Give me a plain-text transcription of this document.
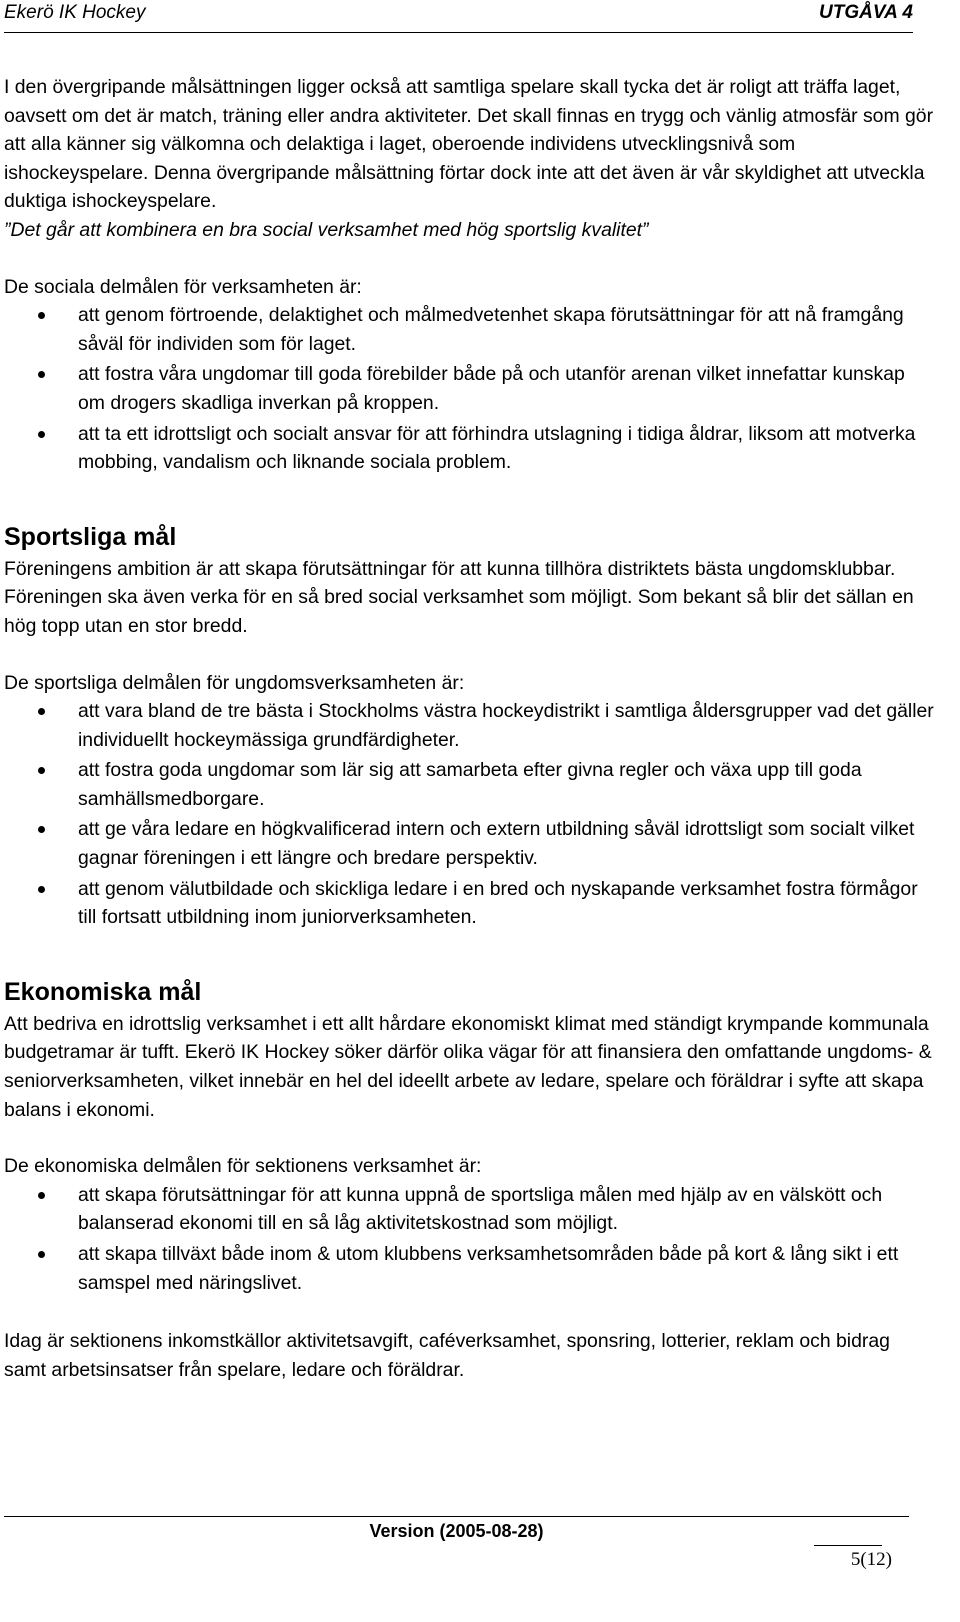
Ekerö IK Hockey	UTGÅVA 4

I den övergripande målsättningen ligger också att samtliga spelare skall tycka det är roligt att träffa laget, oavsett om det är match, träning eller andra aktiviteter. Det skall finnas en trygg och vänlig atmosfär som gör att alla känner sig välkomna och delaktiga i laget, oberoende individens utvecklingsnivå som ishockeyspelare. Denna övergripande målsättning förtar dock inte att det även är vår skyldighet att utveckla duktiga ishockeyspelare.

”Det går att kombinera en bra social verksamhet med hög sportslig kvalitet”

De sociala delmålen för verksamheten är:

att genom förtroende, delaktighet och målmedvetenhet skapa förutsättningar för att nå framgång såväl för individen som för laget.
att fostra våra ungdomar till goda förebilder både på och utanför arenan vilket innefattar kunskap om drogers skadliga inverkan på kroppen.
att ta ett idrottsligt och socialt ansvar för att förhindra utslagning i tidiga åldrar, liksom att motverka mobbing, vandalism och liknande sociala problem.
Sportsliga mål

Föreningens ambition är att skapa förutsättningar för att kunna tillhöra distriktets bästa ungdomsklubbar. Föreningen ska även verka för en så bred social verksamhet som möjligt. Som bekant så blir det sällan en hög topp utan en stor bredd.

De sportsliga delmålen för ungdomsverksamheten är:

att vara bland de tre bästa i Stockholms västra hockeydistrikt i samtliga åldersgrupper vad det gäller individuellt hockeymässiga grundfärdigheter.
att fostra goda ungdomar som lär sig att samarbeta efter givna regler och växa upp till goda samhällsmedborgare.
att ge våra ledare en högkvalificerad intern och extern utbildning såväl idrottsligt som socialt vilket gagnar föreningen i ett längre och bredare perspektiv.
att genom välutbildade och skickliga ledare i en bred och nyskapande verksamhet fostra förmågor till fortsatt utbildning inom juniorverksamheten.
Ekonomiska mål

Att bedriva en idrottslig verksamhet i ett allt hårdare ekonomiskt klimat med ständigt krympande kommunala budgetramar är tufft. Ekerö IK Hockey söker därför olika vägar för att finansiera den omfattande ungdoms- & seniorverksamheten, vilket innebär en hel del ideellt arbete av ledare, spelare och föräldrar i syfte att skapa balans i ekonomi.

De ekonomiska delmålen för sektionens verksamhet är:

att skapa förutsättningar för att kunna uppnå de sportsliga målen med hjälp av en välskött och balanserad ekonomi till en så låg aktivitetskostnad som möjligt.
att skapa tillväxt både inom & utom klubbens verksamhetsområden både på kort & lång sikt i ett samspel med näringslivet.

Idag är sektionens inkomstkällor aktivitetsavgift, caféverksamhet, sponsring, lotterier, reklam och bidrag samt arbetsinsatser från spelare, ledare och föräldrar.

Version (2005-08-28)
5(12)
